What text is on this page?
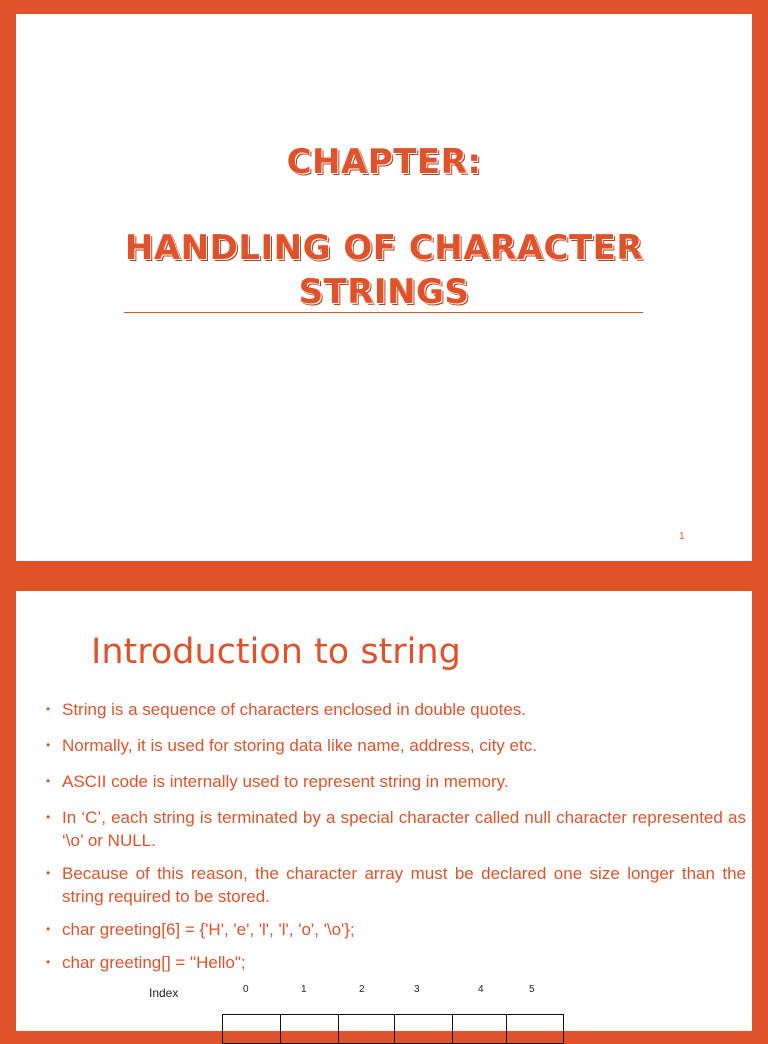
CHAPTER:
HANDLING OF CHARACTER
STRINGS
1
Introduction to string
• String is a sequence of characters enclosed in double quotes.
• Normally, it is used for storing data like name, address, city etc.
• ASCII code is internally used to represent string in memory.
• In ‘C’, each string is terminated by a special character called null character represented as ‘\o’ or NULL.
• Because of this reason, the character array must be declared one size longer than the string required to be stored.
• char greeting[6] = {'H', 'e', 'l', 'l', 'o', '\o'};
• char greeting[] = "Hello";
Index	0	1	2	3	4	5
